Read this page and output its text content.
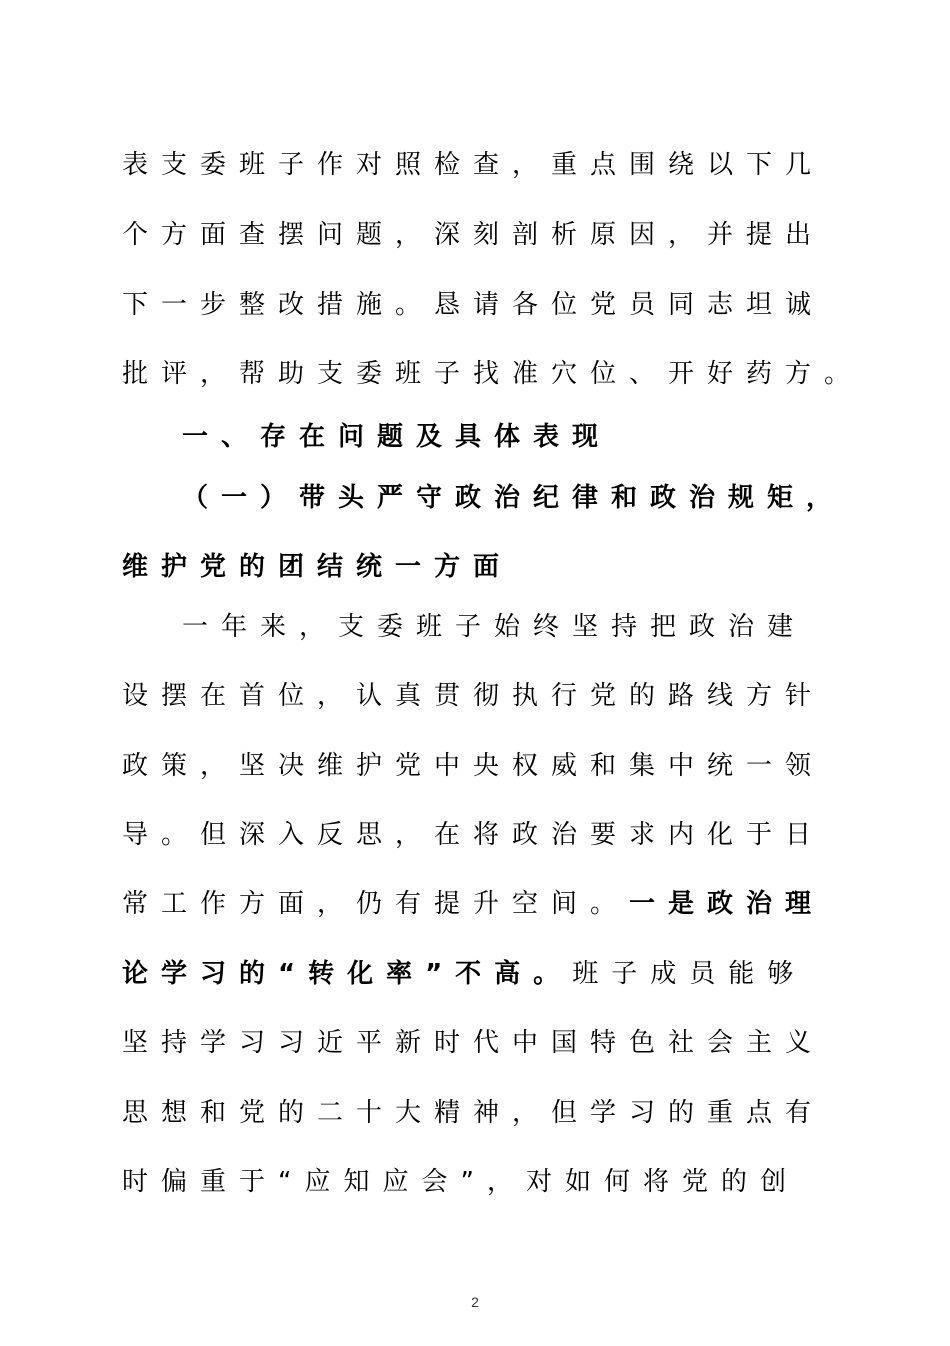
表支委班子作对照检查，重点围绕以下几
个方面查摆问题，深刻剖析原因，并提出
下一步整改措施。恳请各位党员同志坦诚
批评，帮助支委班子找准穴位、开好药方。
一、存在问题及具体表现
（一）带头严守政治纪律和政治规矩，
维护党的团结统一方面
一年来，支委班子始终坚持把政治建
设摆在首位，认真贯彻执行党的路线方针
政策，坚决维护党中央权威和集中统一领
导。但深入反思，在将政治要求内化于日
常工作方面，仍有提升空间。一是政治理
论学习的“转化率”不高。班子成员能够
坚持学习习近平新时代中国特色社会主义
思想和党的二十大精神，但学习的重点有
时偏重于“应知应会”，对如何将党的创
2
